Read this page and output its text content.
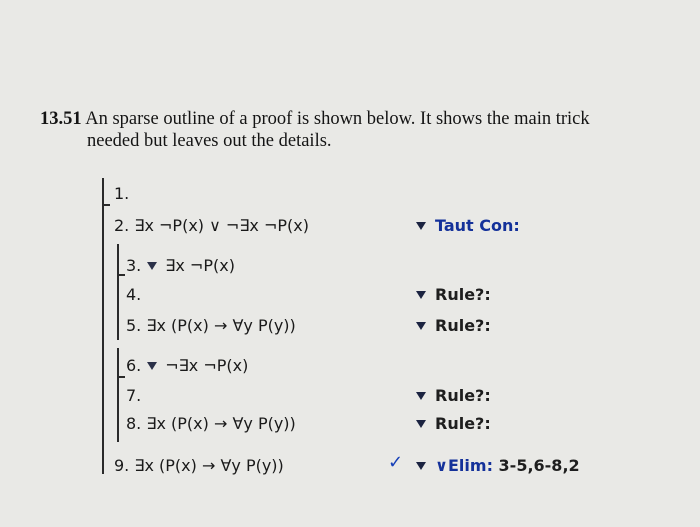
13.51 An sparse outline of a proof is shown below. It shows the main trick
needed but leaves out the details.
1.
2. ∃x ¬P(x) ∨ ¬∃x ¬P(x)	Taut Con:
3. ∃x ¬P(x)
4.	Rule?:
5. ∃x (P(x) → ∀y P(y))	Rule?:
6. ¬∃x ¬P(x)
7.	Rule?:
8. ∃x (P(x) → ∀y P(y))	Rule?:
9. ∃x (P(x) → ∀y P(y))	✓	∨Elim: 3-5,6-8,2
